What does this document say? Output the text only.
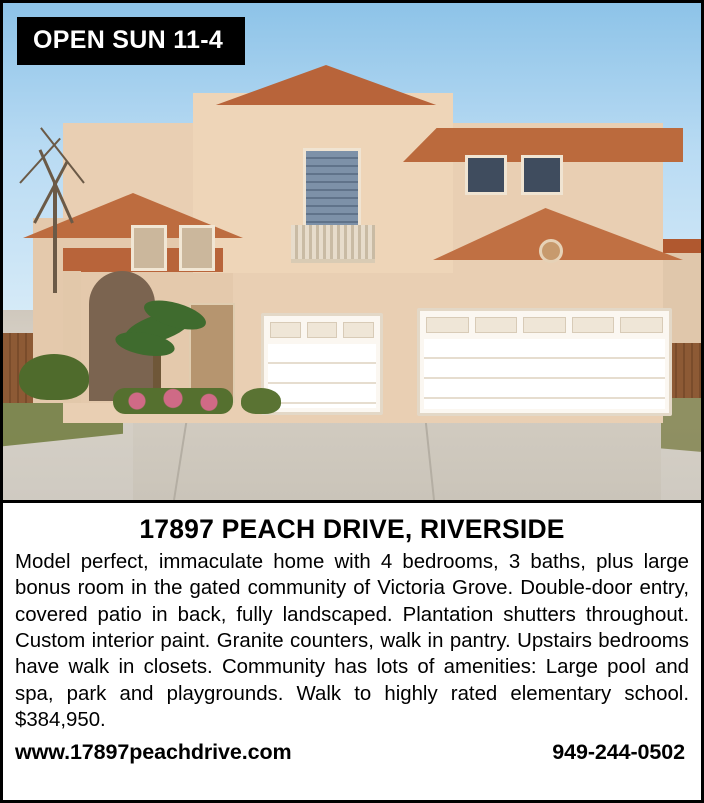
OPEN SUN 11-4
17897 PEACH DRIVE, RIVERSIDE

Model perfect, immaculate home with 4 bedrooms, 3 baths, plus large bonus room in the gated community of Victoria Grove. Double-door entry, covered patio in back, fully landscaped. Plantation shutters throughout. Custom interior paint. Granite counters, walk in pantry. Upstairs bedrooms have walk in closets. Community has lots of amenities: Large pool and spa, park and playgrounds. Walk to highly rated elementary school. $384,950.

www.17897peachdrive.com	949-244-0502
